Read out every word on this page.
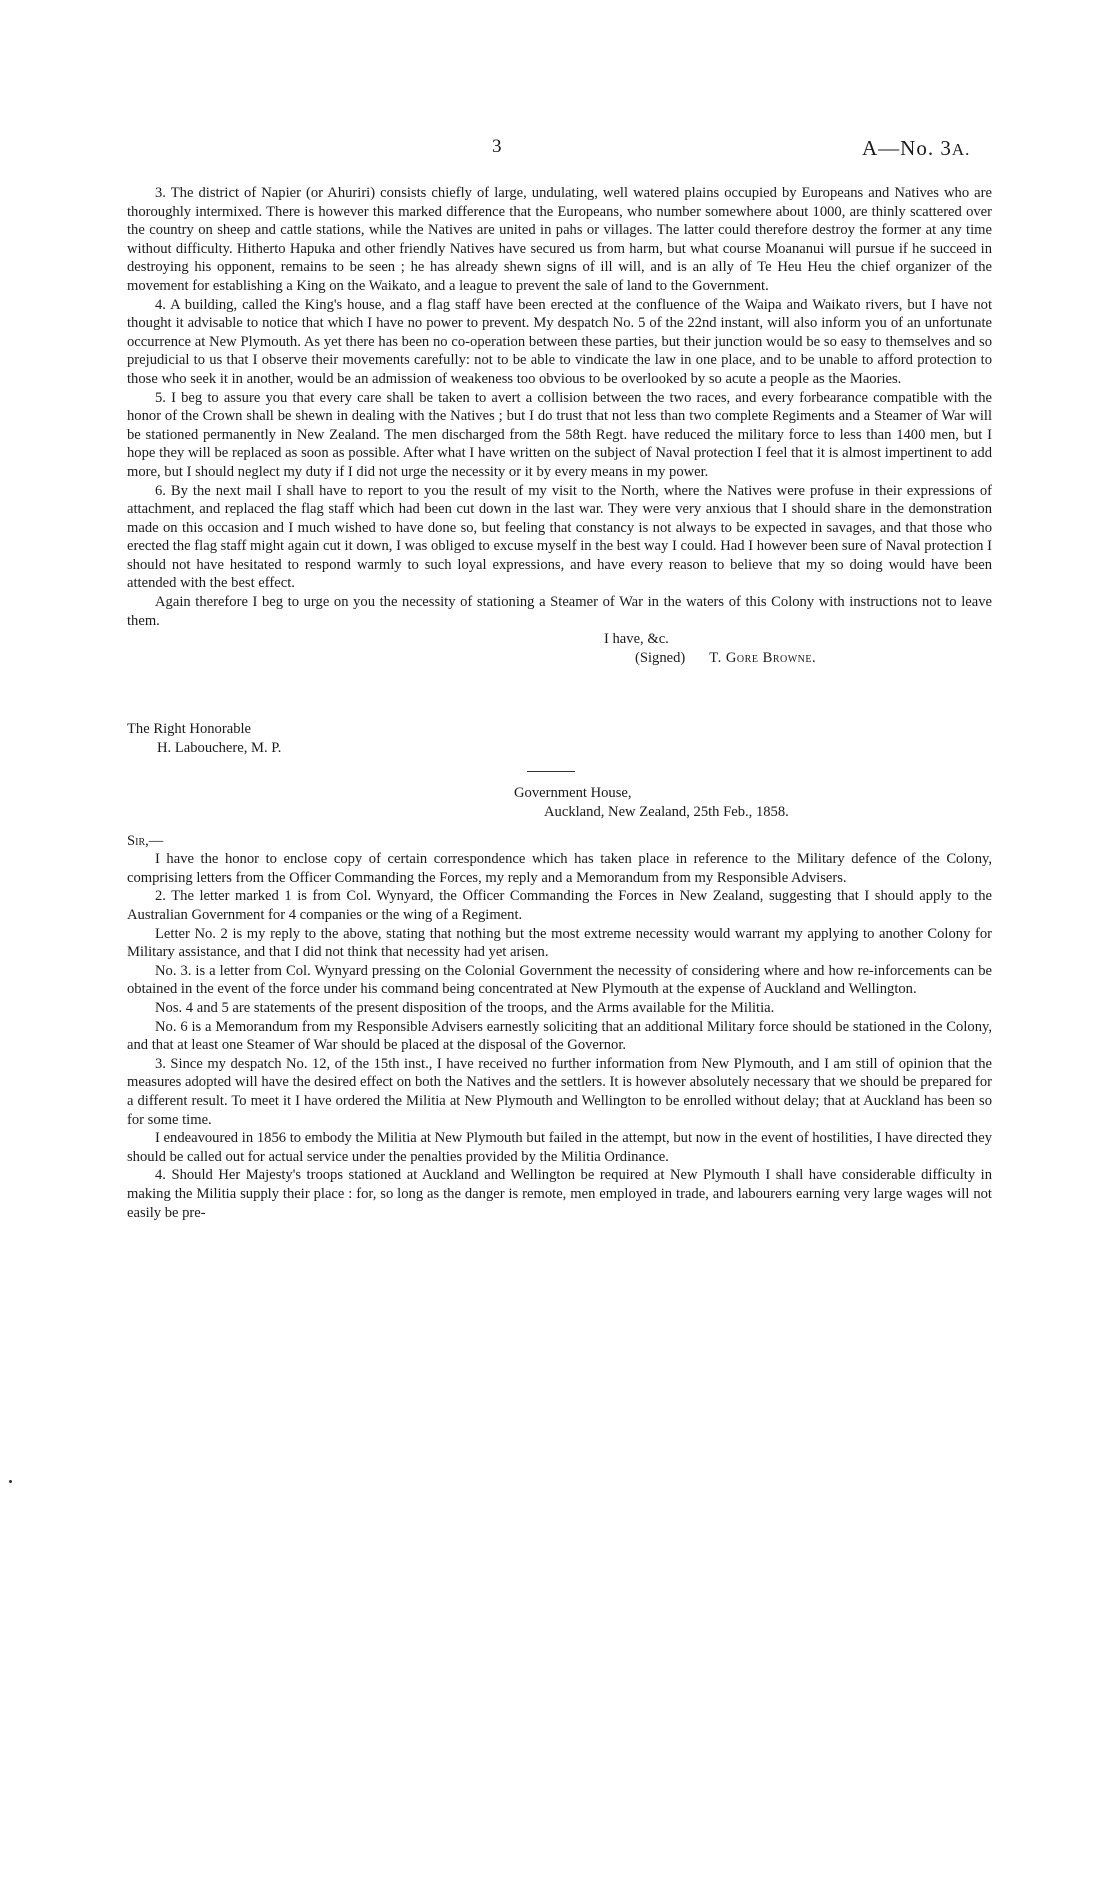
3	A—No. 3A.

3. The district of Napier (or Ahuriri) consists chiefly of large, undulating, well watered plains occupied by Europeans and Natives who are thoroughly intermixed. There is however this marked difference that the Europeans, who number somewhere about 1000, are thinly scattered over the country on sheep and cattle stations, while the Natives are united in pahs or villages. The latter could therefore destroy the former at any time without difficulty. Hitherto Hapuka and other friendly Natives have secured us from harm, but what course Moananui will pursue if he succeed in destroying his opponent, remains to be seen ; he has already shewn signs of ill will, and is an ally of Te Heu Heu the chief organizer of the movement for establishing a King on the Waikato, and a league to prevent the sale of land to the Government.

4. A building, called the King's house, and a flag staff have been erected at the confluence of the Waipa and Waikato rivers, but I have not thought it advisable to notice that which I have no power to prevent. My despatch No. 5 of the 22nd instant, will also inform you of an unfortunate occurrence at New Plymouth. As yet there has been no co-operation between these parties, but their junction would be so easy to themselves and so prejudicial to us that I observe their movements carefully: not to be able to vindicate the law in one place, and to be unable to afford protection to those who seek it in another, would be an admission of weakeness too obvious to be overlooked by so acute a people as the Maories.

5. I beg to assure you that every care shall be taken to avert a collision between the two races, and every forbearance compatible with the honor of the Crown shall be shewn in dealing with the Natives ; but I do trust that not less than two complete Regiments and a Steamer of War will be stationed permanently in New Zealand. The men discharged from the 58th Regt. have reduced the military force to less than 1400 men, but I hope they will be replaced as soon as possible. After what I have written on the subject of Naval protection I feel that it is almost impertinent to add more, but I should neglect my duty if I did not urge the necessity or it by every means in my power.

6. By the next mail I shall have to report to you the result of my visit to the North, where the Natives were profuse in their expressions of attachment, and replaced the flag staff which had been cut down in the last war. They were very anxious that I should share in the demonstration made on this occasion and I much wished to have done so, but feeling that constancy is not always to be expected in savages, and that those who erected the flag staff might again cut it down, I was obliged to excuse myself in the best way I could. Had I however been sure of Naval protection I should not have hesitated to respond warmly to such loyal expressions, and have every reason to believe that my so doing would have been attended with the best effect.

Again therefore I beg to urge on you the necessity of stationing a Steamer of War in the waters of this Colony with instructions not to leave them.

I have, &c.
(Signed) T. Gore Browne.
The Right Honorable
H. Labouchere, M. P.
Government House,
Auckland, New Zealand, 25th Feb., 1858.
Sir,—

I have the honor to enclose copy of certain correspondence which has taken place in reference to the Military defence of the Colony, comprising letters from the Officer Commanding the Forces, my reply and a Memorandum from my Responsible Advisers.

2. The letter marked 1 is from Col. Wynyard, the Officer Commanding the Forces in New Zealand, suggesting that I should apply to the Australian Government for 4 companies or the wing of a Regiment.

Letter No. 2 is my reply to the above, stating that nothing but the most extreme necessity would warrant my applying to another Colony for Military assistance, and that I did not think that necessity had yet arisen.

No. 3. is a letter from Col. Wynyard pressing on the Colonial Government the necessity of considering where and how re-inforcements can be obtained in the event of the force under his command being concentrated at New Plymouth at the expense of Auckland and Wellington.

Nos. 4 and 5 are statements of the present disposition of the troops, and the Arms available for the Militia.

No. 6 is a Memorandum from my Responsible Advisers earnestly soliciting that an additional Military force should be stationed in the Colony, and that at least one Steamer of War should be placed at the disposal of the Governor.

3. Since my despatch No. 12, of the 15th inst., I have received no further information from New Plymouth, and I am still of opinion that the measures adopted will have the desired effect on both the Natives and the settlers. It is however absolutely necessary that we should be prepared for a different result. To meet it I have ordered the Militia at New Plymouth and Wellington to be enrolled without delay; that at Auckland has been so for some time.

I endeavoured in 1856 to embody the Militia at New Plymouth but failed in the attempt, but now in the event of hostilities, I have directed they should be called out for actual service under the penalties provided by the Militia Ordinance.

4. Should Her Majesty's troops stationed at Auckland and Wellington be required at New Plymouth I shall have considerable difficulty in making the Militia supply their place : for, so long as the danger is remote, men employed in trade, and labourers earning very large wages will not easily be pre-
